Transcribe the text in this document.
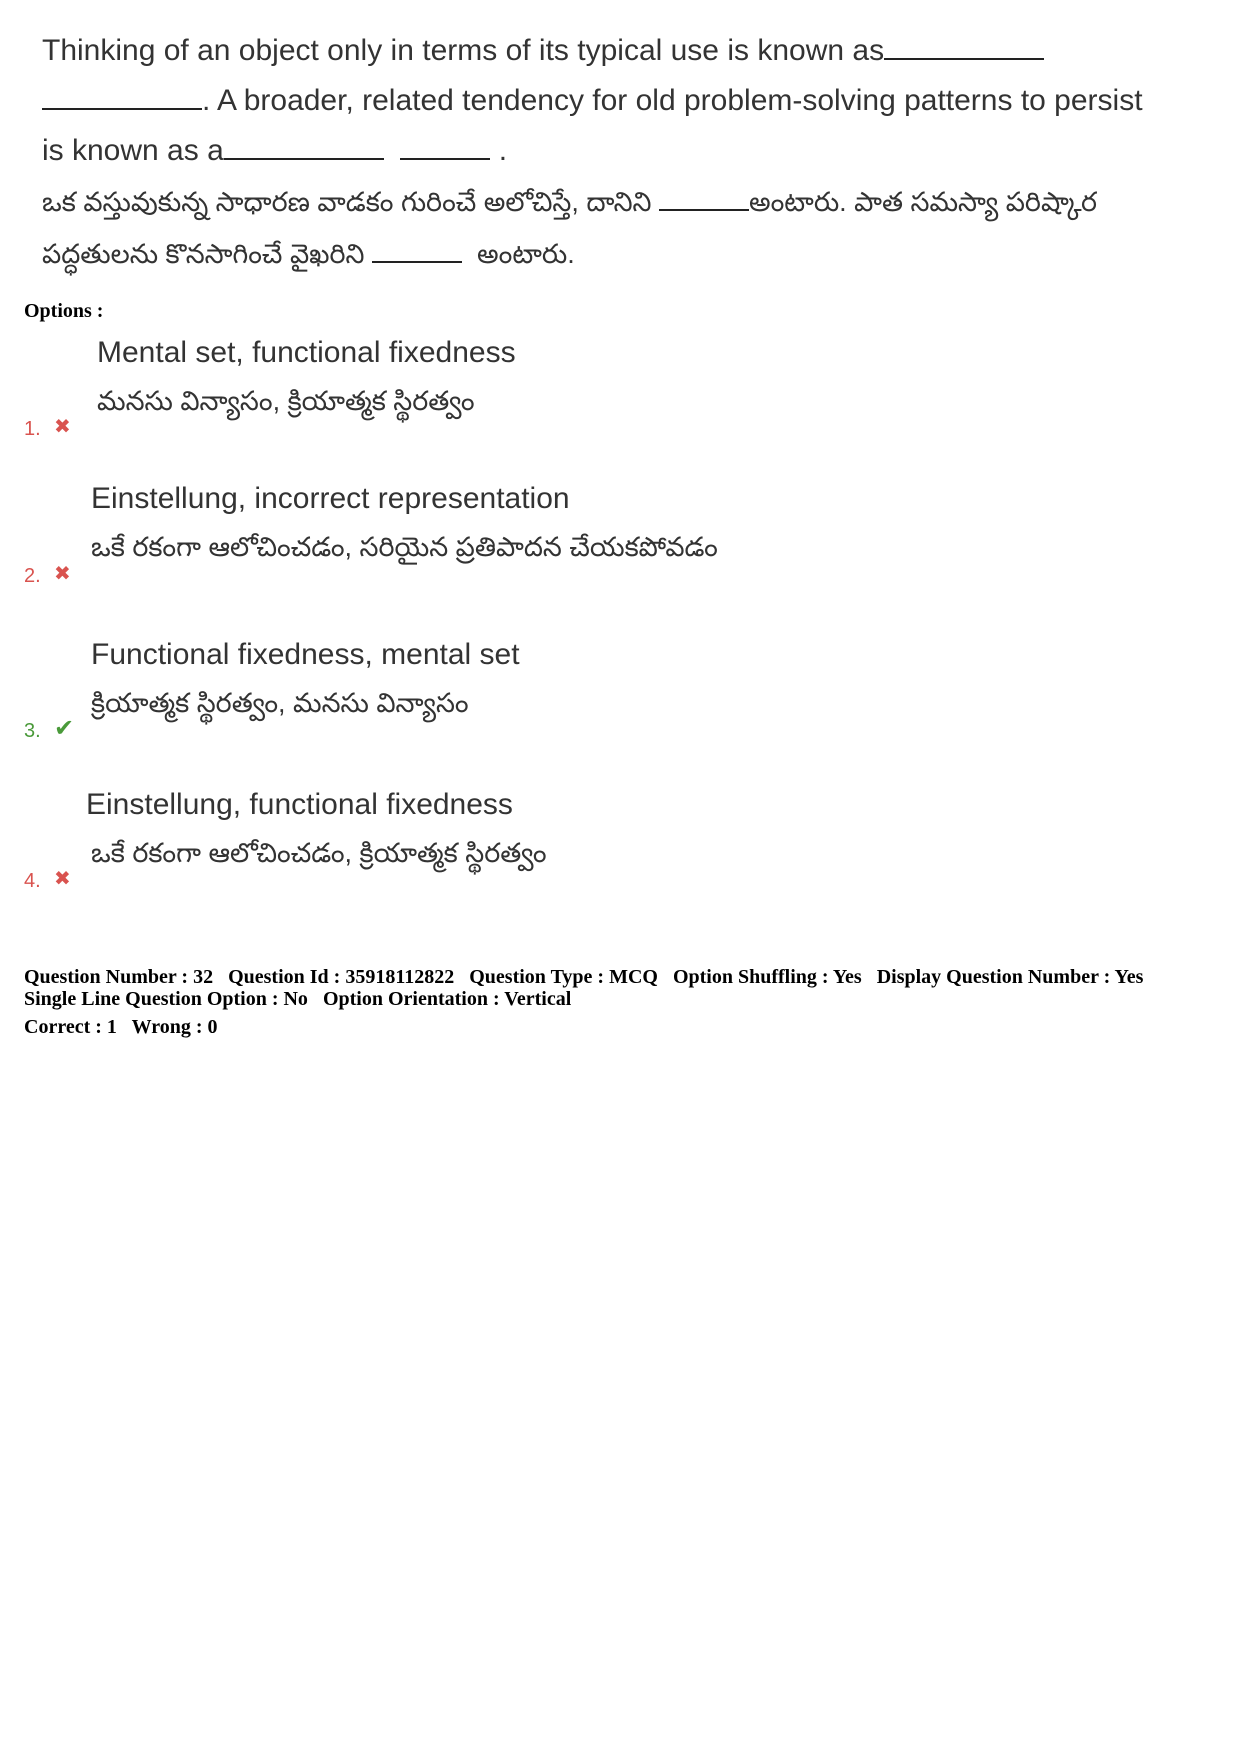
Thinking of an object only in terms of its typical use is known as
. A broader, related tendency for old problem-solving patterns to persist
is known as a	.
ఒక వస్తువుకున్న సాధారణ వాడకం గురించే అలోచిస్తే, దానిని	అంటారు. పాత సమస్యా పరిష్కార
పద్ధతులను కొనసాగించే వైఖరిని	అంటారు.
Options :
Mental set, functional fixedness
మనసు విన్యాసం, క్రియాత్మక స్థిరత్వం
1. ✖
Einstellung, incorrect representation
ఒకే రకంగా ఆలోచించడం, సరియైన ప్రతిపాదన చేయకపోవడం
2. ✖
Functional fixedness, mental set
క్రియాత్మక స్థిరత్వం, మనసు విన్యాసం
3. ✔
Einstellung, functional fixedness
ఒకే రకంగా ఆలోచించడం, క్రియాత్మక స్థిరత్వం
4. ✖
Question Number : 32 Question Id : 35918112822 Question Type : MCQ Option Shuffling : Yes Display Question Number : Yes
Single Line Question Option : No Option Orientation : Vertical
Correct : 1 Wrong : 0
